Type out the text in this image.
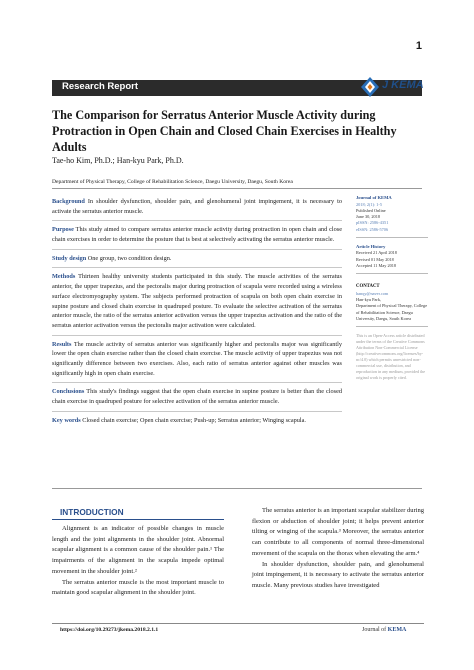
1
Research Report	J KEMA
The Comparison for Serratus Anterior Muscle Activity during Protraction in Open Chain and Closed Chain Exercises in Healthy Adults
Tae-ho Kim, Ph.D.; Han-kyu Park, Ph.D.
Department of Physical Therapy, College of Rehabilitation Science, Daegu University, Daegu, South Korea
Background In shoulder dysfunction, shoulder pain, and glenohumeral joint impingement, it is necessary to activate the serratus anterior muscle.
Purpose This study aimed to compare serratus anterior muscle activity during protraction in open chain and close chain exercises in order to determine the posture that is best at selectively activating the serratus anterior muscle.
Study design One group, two condition design.
Methods Thirteen healthy university students participated in this study. The muscle activities of the serratus anterior, the upper trapezius, and the pectoralis major during protraction of scapula were recorded using a wireless surface electromyography system. The subjects performed protraction of scapula on both open chain exercise in supine posture and closed chain exercise in quadruped posture. To evaluate the selective activation of the serratus anterior muscle, the ratio of the serratus anterior activation versus the upper trapezius activation and the ratio of the serratus anterior activation versus the pectoralis major activation were calculated.
Results The muscle activity of serratus anterior was significantly higher and pectoralis major was significantly lower the open chain exercise rather than the closed chain exercise. The muscle activity of upper trapezius was not significantly difference between two exercises. Also, each ratio of serratus anterior against other muscles was significantly high in open chain exercise.
Conclusions This study's findings suggest that the open chain exercise in supine posture is better than the closed chain exercise in quadruped posture for selective activation of the serratus anterior muscle.
Key words Closed chain exercise; Open chain exercise; Push-up; Serratus anterior; Winging scapula.
Journal of KEMA
2018; 2(1): 1-5
Published Online
June 30, 2018
pISSN: 2586-4351
eISSN: 2586-5706
Article History
Received 21 April 2018
Revised 01 May 2018
Accepted 11 May 2018
CONTACT
hanqy@naver.com
Han-kyu Park,
Department of Physical Therapy, College of Rehabilitation Science, Daegu University, Daegu, South Korea
This is an Open-Access article distributed under the terms of the Creative Commons Attribution Non-Commercial License (http://creativecommons.org/licenses/by-nc/4.0) which permits unrestricted non-commercial use, distribution, and reproduction in any medium, provided the original work is properly cited.
INTRODUCTION

Alignment is an indicator of possible changes in muscle length and the joint alignments in the shoulder joint. Abnormal scapular alignment is a common cause of the shoulder pain.¹ The impairments of the alignment in the scapula impede optimal movement in the shoulder joint.²

The serratus anterior muscle is the most important muscle to maintain good scapular alignment in the shoulder joint.

The serratus anterior is an important scapular stabilizer during flexion or abduction of shoulder joint; it helps prevent anterior tilting or winging of the scapula.³ Moreover, the serratus anterior can contribute to all components of normal three-dimensional movement of the scapula on the thorax when elevating the arm.⁴

In shoulder dysfunction, shoulder pain, and glenohumeral joint impingement, it is necessary to activate the serratus anterior muscle. Many previous studies have investigated

https://doi.org/10.29273/jkema.2018.2.1.1	Journal of KEMA
